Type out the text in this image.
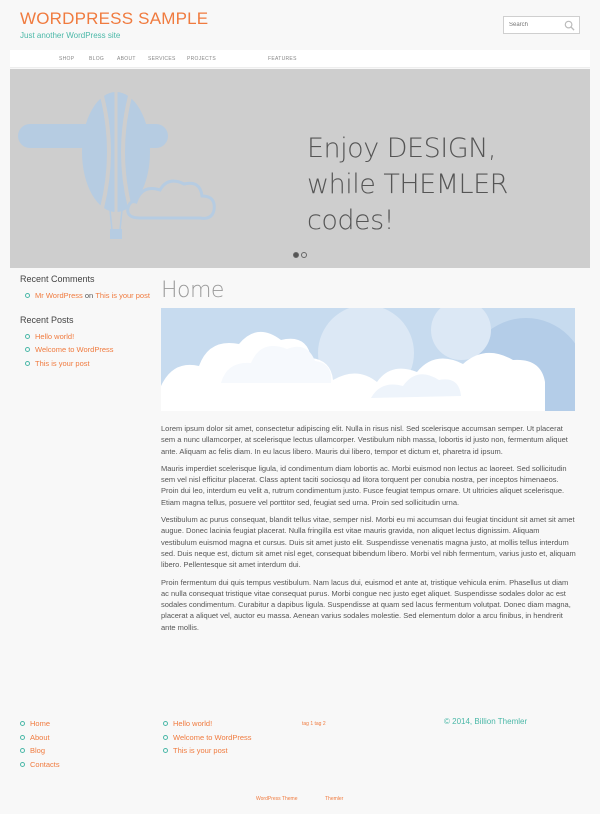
WORDPRESS SAMPLE
Just another WordPress site
Search
SHOP	BLOG	ABOUT SERVICES PROJECTS	FEATURES
Enjoy DESIGN,
while THEMLER codes!
Recent Comments
Mr WordPress
on
This is your post
Recent Posts
Hello world!
Welcome to WordPress
This is your post
Home

Lorem ipsum dolor sit amet, consectetur adipiscing elit. Nulla in risus nisl. Sed scelerisque accumsan semper. Ut placerat sem a nunc ullamcorper, at scelerisque lectus ullamcorper. Vestibulum nibh massa, lobortis id justo non, fermentum aliquet ante. Aliquam ac felis diam. In eu lacus libero. Mauris dui libero, tempor et dictum et, pharetra id ipsum.

Mauris imperdiet scelerisque ligula, id condimentum diam lobortis ac. Morbi euismod non lectus ac laoreet. Sed sollicitudin sem vel nisl efficitur placerat. Class aptent taciti sociosqu ad litora torquent per conubia nostra, per inceptos himenaeos. Proin dui leo, interdum eu velit a, rutrum condimentum justo. Fusce feugiat tempus ornare. Ut ultricies aliquet scelerisque. Etiam magna tellus, posuere vel porttitor sed, feugiat sed urna. Proin sed sollicitudin urna.

Vestibulum ac purus consequat, blandit tellus vitae, semper nisl. Morbi eu mi accumsan dui feugiat tincidunt sit amet sit amet augue. Donec lacinia feugiat placerat. Nulla fringilla est vitae mauris gravida, non aliquet lectus dignissim. Aliquam vestibulum euismod magna et cursus. Duis sit amet justo elit. Suspendisse venenatis magna justo, at mollis tellus interdum sed. Duis neque est, dictum sit amet nisl eget, consequat bibendum libero. Morbi vel nibh fermentum, varius justo et, aliquam libero. Pellentesque sit amet interdum dui.

Proin fermentum dui quis tempus vestibulum. Nam lacus dui, euismod et ante at, tristique vehicula enim. Phasellus ut diam ac nulla consequat tristique vitae consequat purus. Morbi congue nec justo eget aliquet. Suspendisse sodales dolor ac est sodales condimentum. Curabitur a dapibus ligula. Suspendisse at quam sed lacus fermentum volutpat. Donec diam magna, placerat a aliquet vel, auctor eu massa. Aenean varius sodales molestie. Sed elementum dolor a arcu finibus, in hendrerit ante mollis.

Home
About
Blog
Contacts
Hello world!
Welcome to WordPress
This is your post
tag 1 tag 2	© 2014, Billion Themler
WordPress Theme	Themler
